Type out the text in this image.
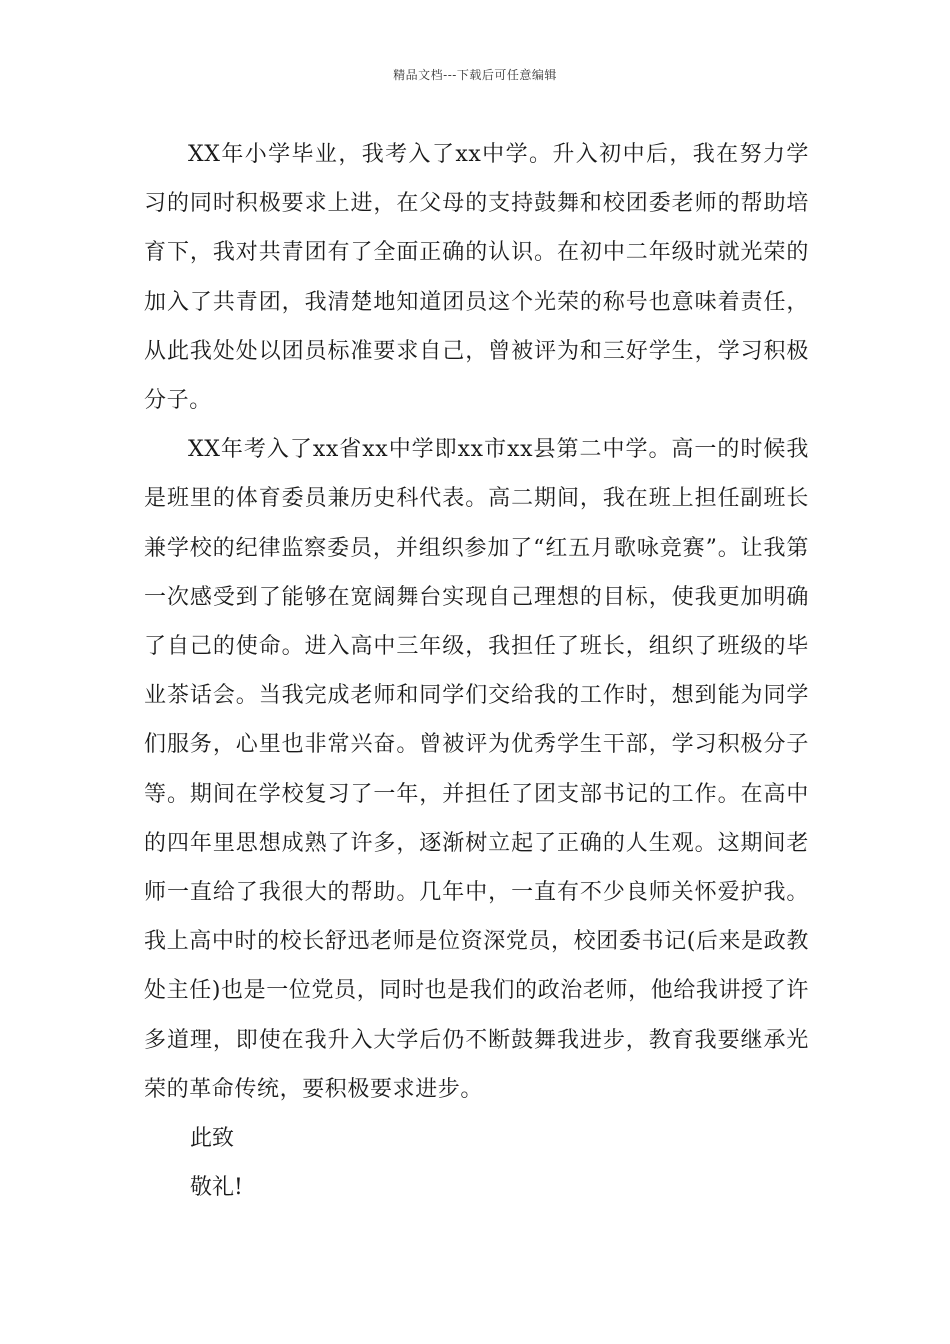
精品文档---下载后可任意编辑

XX年小学毕业，我考入了xx中学。升入初中后，我在努力学习的同时积极要求上进，在父母的支持鼓舞和校团委老师的帮助培育下，我对共青团有了全面正确的认识。在初中二年级时就光荣的加入了共青团，我清楚地知道团员这个光荣的称号也意味着责任，从此我处处以团员标准要求自己，曾被评为和三好学生，学习积极分子。

XX年考入了xx省xx中学即xx市xx县第二中学。高一的时候我是班里的体育委员兼历史科代表。高二期间，我在班上担任副班长兼学校的纪律监察委员，并组织参加了“红五月歌咏竞赛”。让我第一次感受到了能够在宽阔舞台实现自己理想的目标，使我更加明确了自己的使命。进入高中三年级，我担任了班长，组织了班级的毕业茶话会。当我完成老师和同学们交给我的工作时，想到能为同学们服务，心里也非常兴奋。曾被评为优秀学生干部，学习积极分子等。期间在学校复习了一年，并担任了团支部书记的工作。在高中的四年里思想成熟了许多，逐渐树立起了正确的人生观。这期间老师一直给了我很大的帮助。几年中，一直有不少良师关怀爱护我。我上高中时的校长舒迅老师是位资深党员，校团委书记(后来是政教处主任)也是一位党员，同时也是我们的政治老师，他给我讲授了许多道理，即使在我升入大学后仍不断鼓舞我进步，教育我要继承光荣的革命传统，要积极要求进步。

此致

敬礼!
